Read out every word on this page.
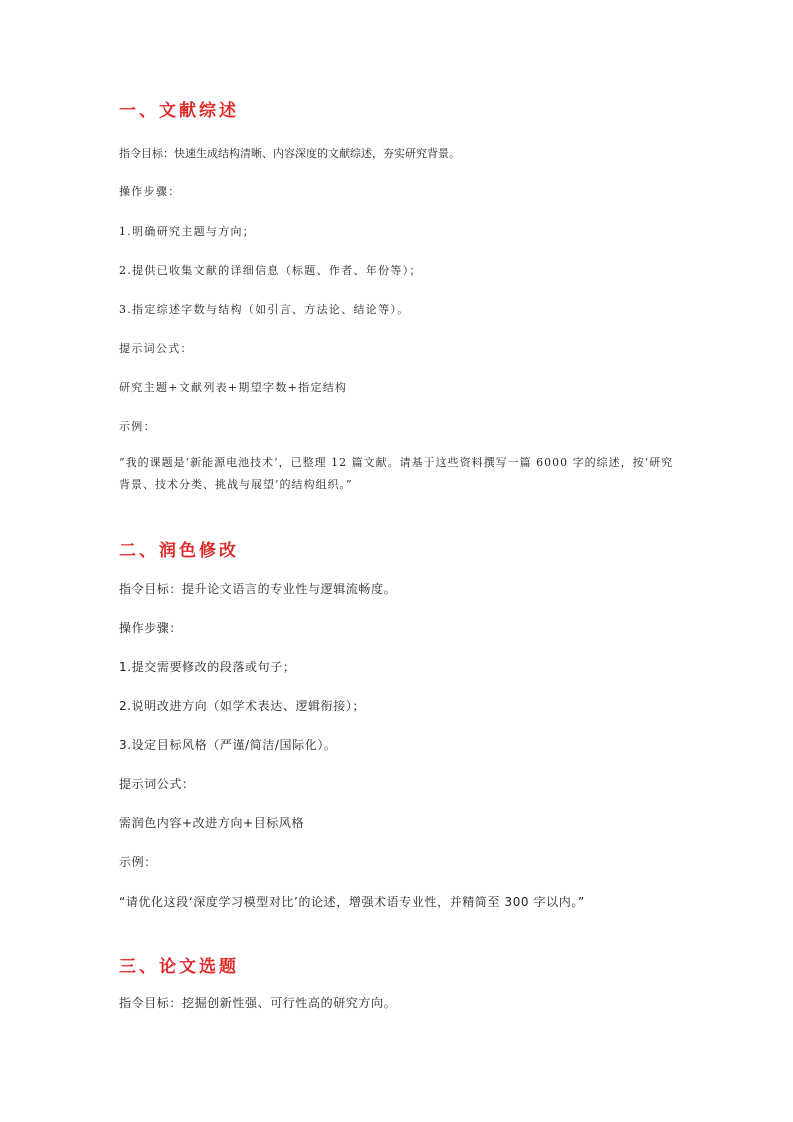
一、文献综述

指令目标：快速生成结构清晰、内容深度的文献综述，夯实研究背景。

操作步骤：

1.明确研究主题与方向；

2.提供已收集文献的详细信息（标题、作者、年份等）；

3.指定综述字数与结构（如引言、方法论、结论等）。

提示词公式：

研究主题+文献列表+期望字数+指定结构

示例：

“我的课题是‘新能源电池技术’，已整理 12 篇文献。请基于这些资料撰写一篇 6000 字的综述，按‘研究背景、技术分类、挑战与展望’的结构组织。”

二、润色修改

指令目标：提升论文语言的专业性与逻辑流畅度。

操作步骤：

1.提交需要修改的段落或句子；

2.说明改进方向（如学术表达、逻辑衔接）；

3.设定目标风格（严谨/简洁/国际化）。

提示词公式：

需润色内容+改进方向+目标风格

示例：

“请优化这段‘深度学习模型对比’的论述，增强术语专业性，并精简至 300 字以内。”

三、论文选题

指令目标：挖掘创新性强、可行性高的研究方向。
